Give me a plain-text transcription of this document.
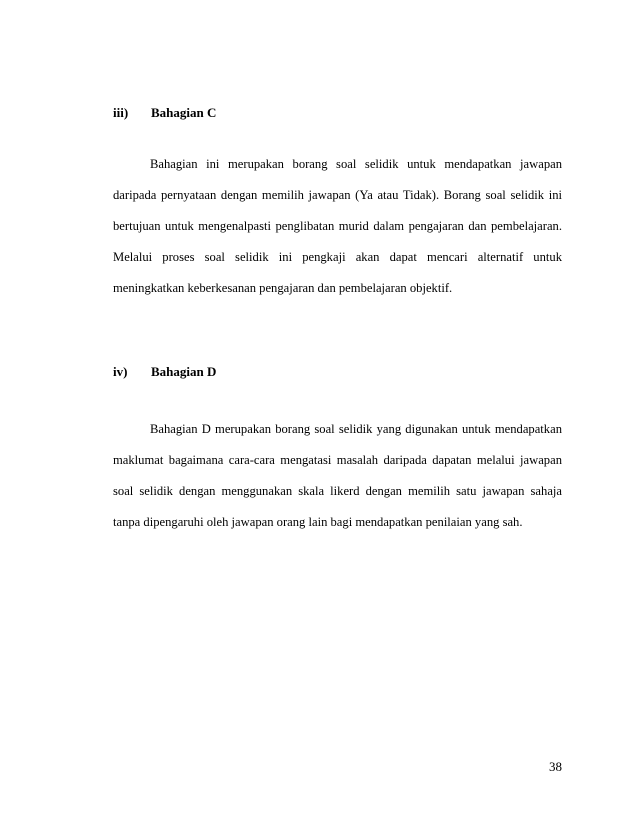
iii) Bahagian C

Bahagian ini merupakan borang soal selidik untuk mendapatkan jawapan daripada pernyataan dengan memilih jawapan (Ya atau Tidak). Borang soal selidik ini bertujuan untuk mengenalpasti penglibatan murid dalam pengajaran dan pembelajaran. Melalui proses soal selidik ini pengkaji akan dapat mencari alternatif untuk meningkatkan keberkesanan pengajaran dan pembelajaran objektif.

iv) Bahagian D

Bahagian D merupakan borang soal selidik yang digunakan untuk mendapatkan maklumat bagaimana cara-cara mengatasi masalah daripada dapatan melalui jawapan soal selidik dengan menggunakan skala likerd dengan memilih satu jawapan sahaja tanpa dipengaruhi oleh jawapan orang lain bagi mendapatkan penilaian yang sah.

38
